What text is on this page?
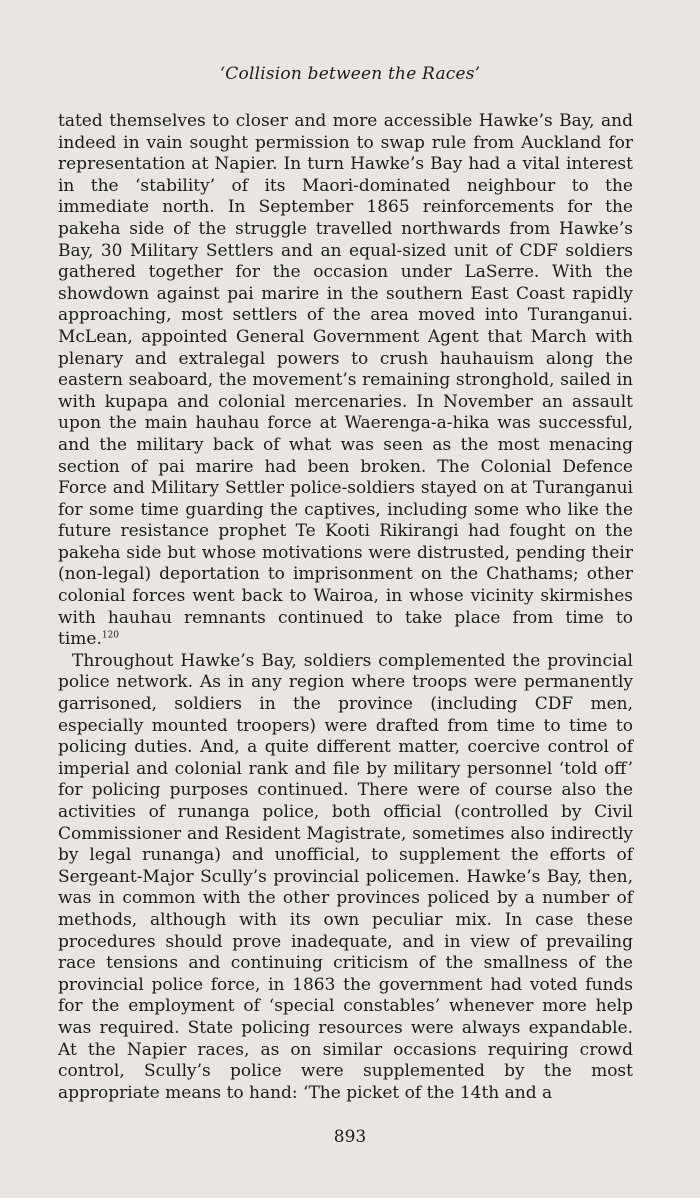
‘Collision between the Races’

tated themselves to closer and more accessible Hawke’s Bay, and indeed in vain sought permission to swap rule from Auckland for representation at Napier. In turn Hawke’s Bay had a vital interest in the ‘stability’ of its Maori-dominated neighbour to the immediate north. In September 1865 reinforcements for the pakeha side of the struggle travelled northwards from Hawke’s Bay, 30 Military Settlers and an equal-sized unit of CDF soldiers gathered together for the occasion under LaSerre. With the showdown against pai marire in the southern East Coast rapidly approaching, most settlers of the area moved into Turanganui. McLean, appointed General Government Agent that March with plenary and extralegal powers to crush hauhauism along the eastern seaboard, the movement’s remaining stronghold, sailed in with kupapa and colonial mercenaries. In November an assault upon the main hauhau force at Waerenga-a-hika was successful, and the military back of what was seen as the most menacing section of pai marire had been broken. The Colonial Defence Force and Military Settler police-soldiers stayed on at Turanganui for some time guarding the captives, including some who like the future resistance prophet Te Kooti Rikirangi had fought on the pakeha side but whose motivations were distrusted, pending their (non-legal) deportation to imprisonment on the Chathams; other colonial forces went back to Wairoa, in whose vicinity skirmishes with hauhau remnants continued to take place from time to time.$^{120}$

Throughout Hawke’s Bay, soldiers complemented the provincial police network. As in any region where troops were permanently garrisoned, soldiers in the province (including CDF men, especially mounted troopers) were drafted from time to time to policing duties. And, a quite different matter, coercive control of imperial and colonial rank and file by military personnel ‘told off’ for policing purposes continued. There were of course also the activities of runanga police, both official (controlled by Civil Commissioner and Resident Magistrate, sometimes also indirectly by legal runanga) and unofficial, to supplement the efforts of Sergeant-Major Scully’s provincial policemen. Hawke’s Bay, then, was in common with the other provinces policed by a number of methods, although with its own peculiar mix. In case these procedures should prove inadequate, and in view of prevailing race tensions and continuing criticism of the smallness of the provincial police force, in 1863 the government had voted funds for the employment of ‘special constables’ whenever more help was required. State policing resources were always expandable. At the Napier races, as on similar occasions requiring crowd control, Scully’s police were supplemented by the most appropriate means to hand: ‘The picket of the 14th and a

893
